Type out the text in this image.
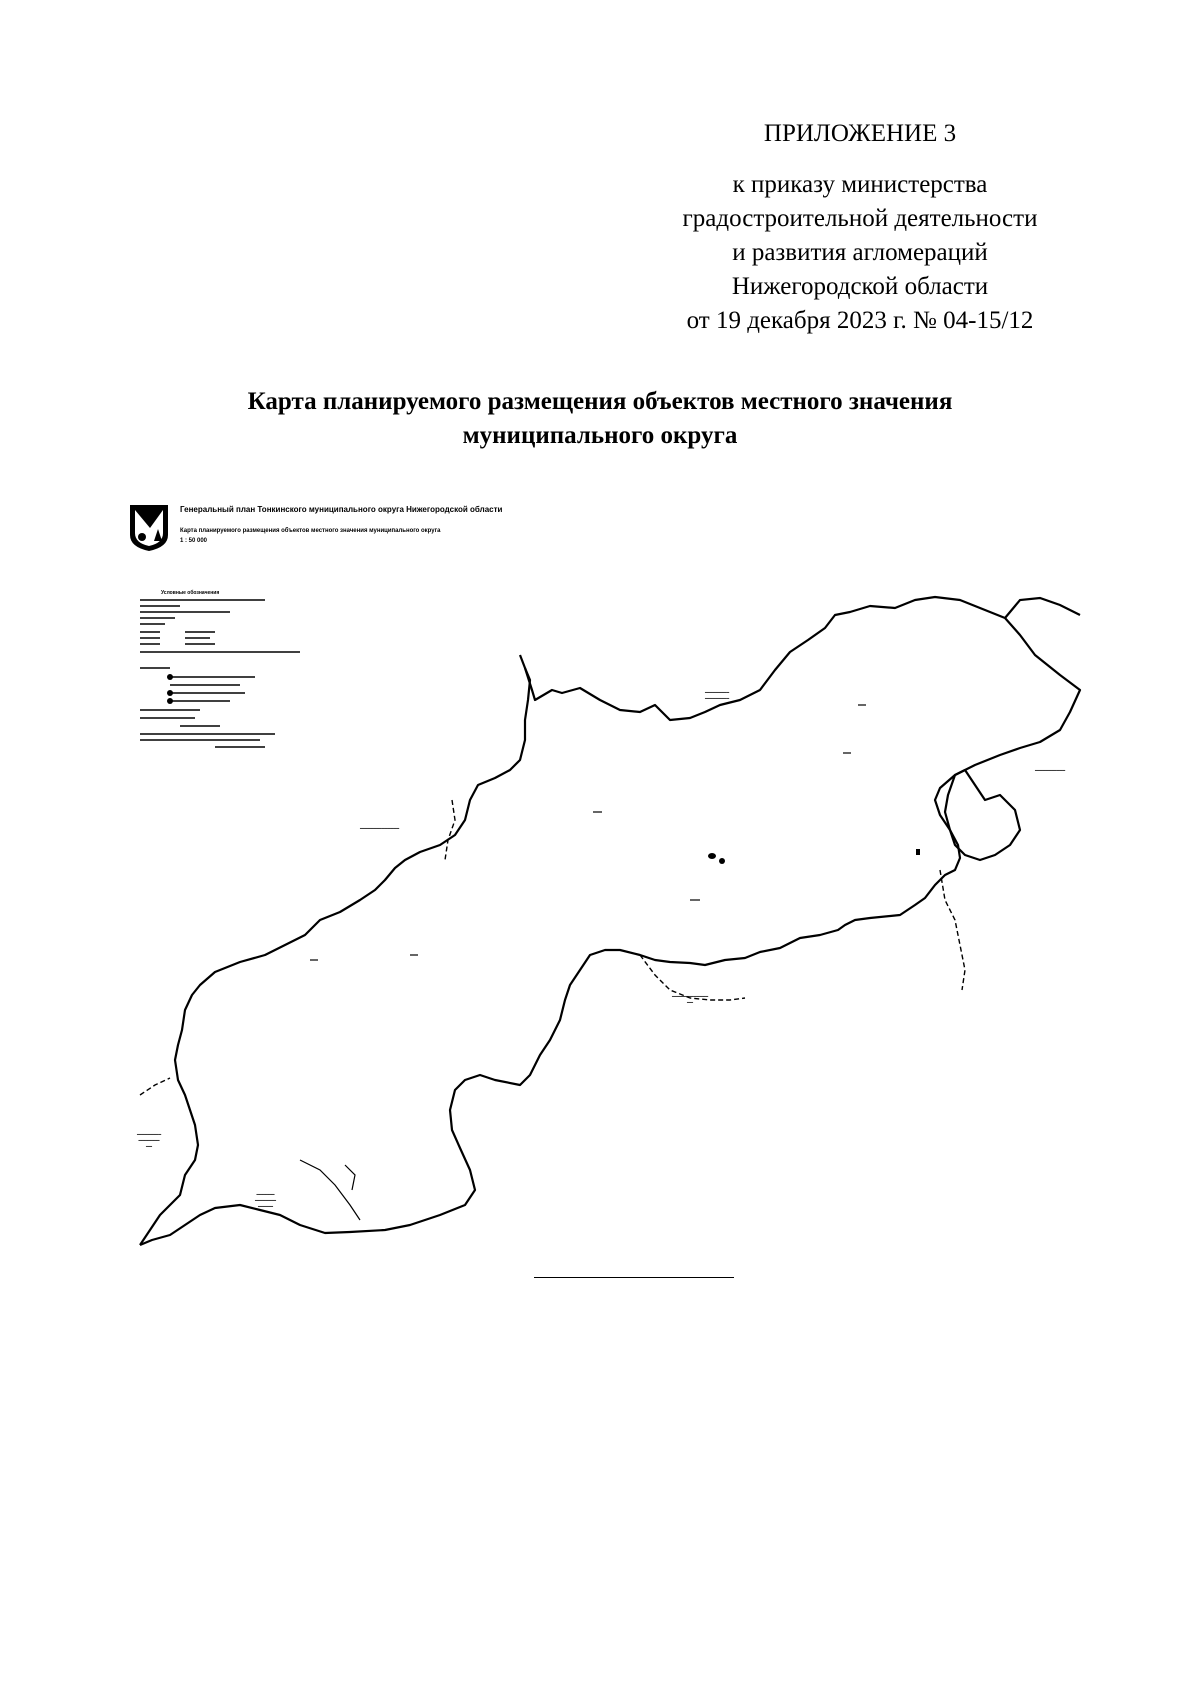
ПРИЛОЖЕНИЕ 3
к приказу министерства
градостроительной деятельности
и развития агломераций
Нижегородской области
от 19 декабря 2023 г. № 04-15/12
Карта планируемого размещения объектов местного значения
муниципального округа
Генеральный план Тонкинского муниципального округа Нижегородской области
Карта планируемого размещения объектов местного значения муниципального округа
1 : 50 000
Условные обозначения
━━━━━━━━
━━━━━━━━
━━━━━━━━━━━━━
━━━━━━━━━━
━━━━━━━━━━━━
━━
━━━━━━━━
━━━━━━━
━━
━━━━━━
━━━━━━━
━━━━━
